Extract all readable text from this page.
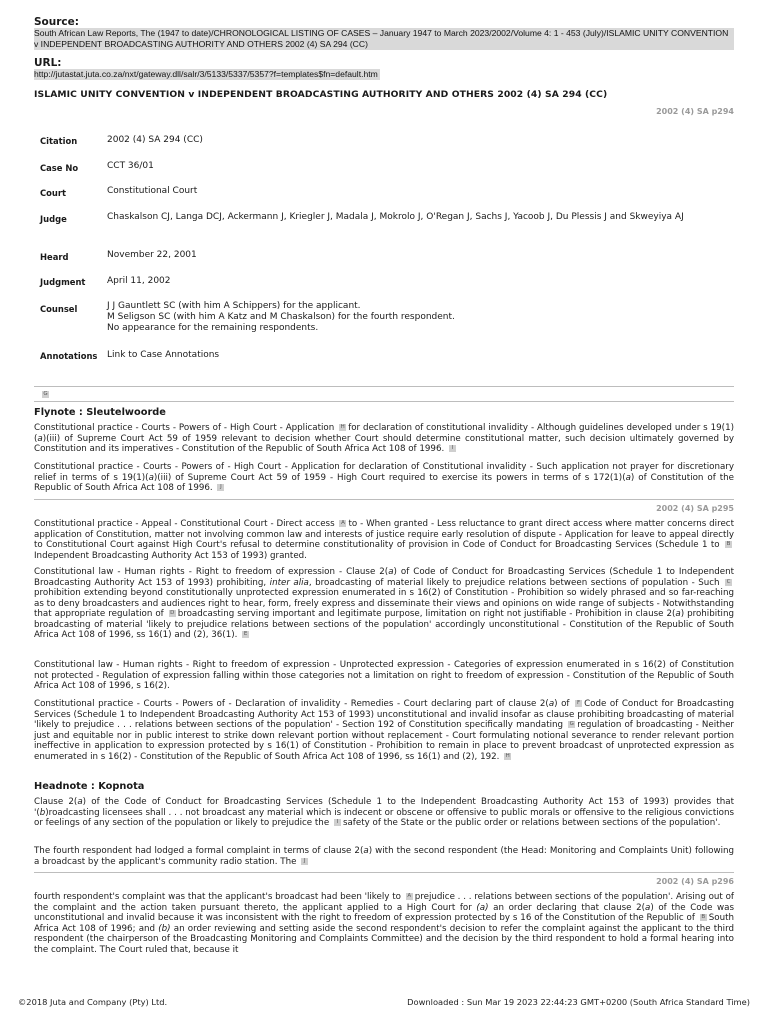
Source:
South African Law Reports, The (1947 to date)/CHRONOLOGICAL LISTING OF CASES – January 1947 to March 2023/2002/Volume 4: 1 - 453 (July)/ISLAMIC UNITY CONVENTION v INDEPENDENT BROADCASTING AUTHORITY AND OTHERS 2002 (4) SA 294 (CC)
URL:
http://jutastat.juta.co.za/nxt/gateway.dll/salr/3/5133/5337/5357?f=templates$fn=default.htm
ISLAMIC UNITY CONVENTION v INDEPENDENT BROADCASTING AUTHORITY AND OTHERS 2002 (4) SA 294 (CC)
2002 (4) SA p294
Citation	2002 (4) SA 294 (CC)
Case No	CCT 36/01
Court	Constitutional Court
Judge	Chaskalson CJ, Langa DCJ, Ackermann J, Kriegler J, Madala J, Mokrolo J, O'Regan J, Sachs J, Yacoob J, Du Plessis J and Skweyiya AJ
Heard	November 22, 2001
Judgment	April 11, 2002
Counsel	J J Gauntlett SC (with him A Schippers) for the applicant.
M Seligson SC (with him A Katz and M Chaskalson) for the fourth respondent.
No appearance for the remaining respondents.
Annotations	Link to Case Annotations
G
Flynote : Sleutelwoorde
Constitutional practice - Courts - Powers of - High Court - Application H for declaration of constitutional invalidity - Although guidelines developed under s 19(1)(a)(iii) of Supreme Court Act 59 of 1959 relevant to decision whether Court should determine constitutional matter, such decision ultimately governed by Constitution and its imperatives - Constitution of the Republic of South Africa Act 108 of 1996. I
Constitutional practice - Courts - Powers of - High Court - Application for declaration of Constitutional invalidity - Such application not prayer for discretionary relief in terms of s 19(1)(a)(iii) of Supreme Court Act 59 of 1959 - High Court required to exercise its powers in terms of s 172(1)(a) of Constitution of the Republic of South Africa Act 108 of 1996. J
2002 (4) SA p295
Constitutional practice - Appeal - Constitutional Court - Direct access A to - When granted - Less reluctance to grant direct access where matter concerns direct application of Constitution, matter not involving common law and interests of justice require early resolution of dispute - Application for leave to appeal directly to Constitutional Court against High Court's refusal to determine constitutionality of provision in Code of Conduct for Broadcasting Services (Schedule 1 to BIndependent Broadcasting Authority Act 153 of 1993) granted.
Constitutional law - Human rights - Right to freedom of expression - Clause 2(a) of Code of Conduct for Broadcasting Services (Schedule 1 to Independent Broadcasting Authority Act 153 of 1993) prohibiting, inter alia, broadcasting of material likely to prejudice relations between sections of population - Such Cprohibition extending beyond constitutionally unprotected expression enumerated in s 16(2) of Constitution - Prohibition so widely phrased and so far-reaching as to deny broadcasters and audiences right to hear, form, freely express and disseminate their views and opinions on wide range of subjects - Notwithstanding that appropriate regulation of D broadcasting serving important and legitimate purpose, limitation on right not justifiable - Prohibition in clause 2(a) prohibiting broadcasting of material 'likely to prejudice relations between sections of the population' accordingly unconstitutional - Constitution of the Republic of South Africa Act 108 of 1996, ss 16(1) and (2), 36(1). E
Constitutional law - Human rights - Right to freedom of expression - Unprotected expression - Categories of expression enumerated in s 16(2) of Constitution not protected - Regulation of expression falling within those categories not a limitation on right to freedom of expression - Constitution of the Republic of South Africa Act 108 of 1996, s 16(2).
Constitutional practice - Courts - Powers of - Declaration of invalidity - Remedies - Court declaring part of clause 2(a) of F Code of Conduct for Broadcasting Services (Schedule 1 to Independent Broadcasting Authority Act 153 of 1993) unconstitutional and invalid insofar as clause prohibiting broadcasting of material 'likely to prejudice . . . relations between sections of the population' - Section 192 of Constitution specifically mandating G regulation of broadcasting - Neither just and equitable nor in public interest to strike down relevant portion without replacement - Court formulating notional severance to render relevant portion ineffective in application to expression protected by s 16(1) of Constitution - Prohibition to remain in place to prevent broadcast of unprotected expression as enumerated in s 16(2) - Constitution of the Republic of South Africa Act 108 of 1996, ss 16(1) and (2), 192. H
Headnote : Kopnota
Clause 2(a) of the Code of Conduct for Broadcasting Services (Schedule 1 to the Independent Broadcasting Authority Act 153 of 1993) provides that '(b)roadcasting licensees shall . . . not broadcast any material which is indecent or obscene or offensive to public morals or offensive to the religious convictions or feelings of any section of the population or likely to prejudice the I safety of the State or the public order or relations between sections of the population'.
The fourth respondent had lodged a formal complaint in terms of clause 2(a) with the second respondent (the Head: Monitoring and Complaints Unit) following a broadcast by the applicant's community radio station. The J
2002 (4) SA p296
fourth respondent's complaint was that the applicant's broadcast had been 'likely to A prejudice . . . relations between sections of the population'. Arising out of the complaint and the action taken pursuant thereto, the applicant applied to a High Court for (a) an order declaring that clause 2(a) of the Code was unconstitutional and invalid because it was inconsistent with the right to freedom of expression protected by s 16 of the Constitution of the Republic of B South Africa Act 108 of 1996; and (b) an order reviewing and setting aside the second respondent's decision to refer the complaint against the applicant to the third respondent (the chairperson of the Broadcasting Monitoring and Complaints Committee) and the decision by the third respondent to hold a formal hearing into the complaint. The Court ruled that, because it
©2018 Juta and Company (Pty) Ltd.	Downloaded : Sun Mar 19 2023 22:44:23 GMT+0200 (South Africa Standard Time)
